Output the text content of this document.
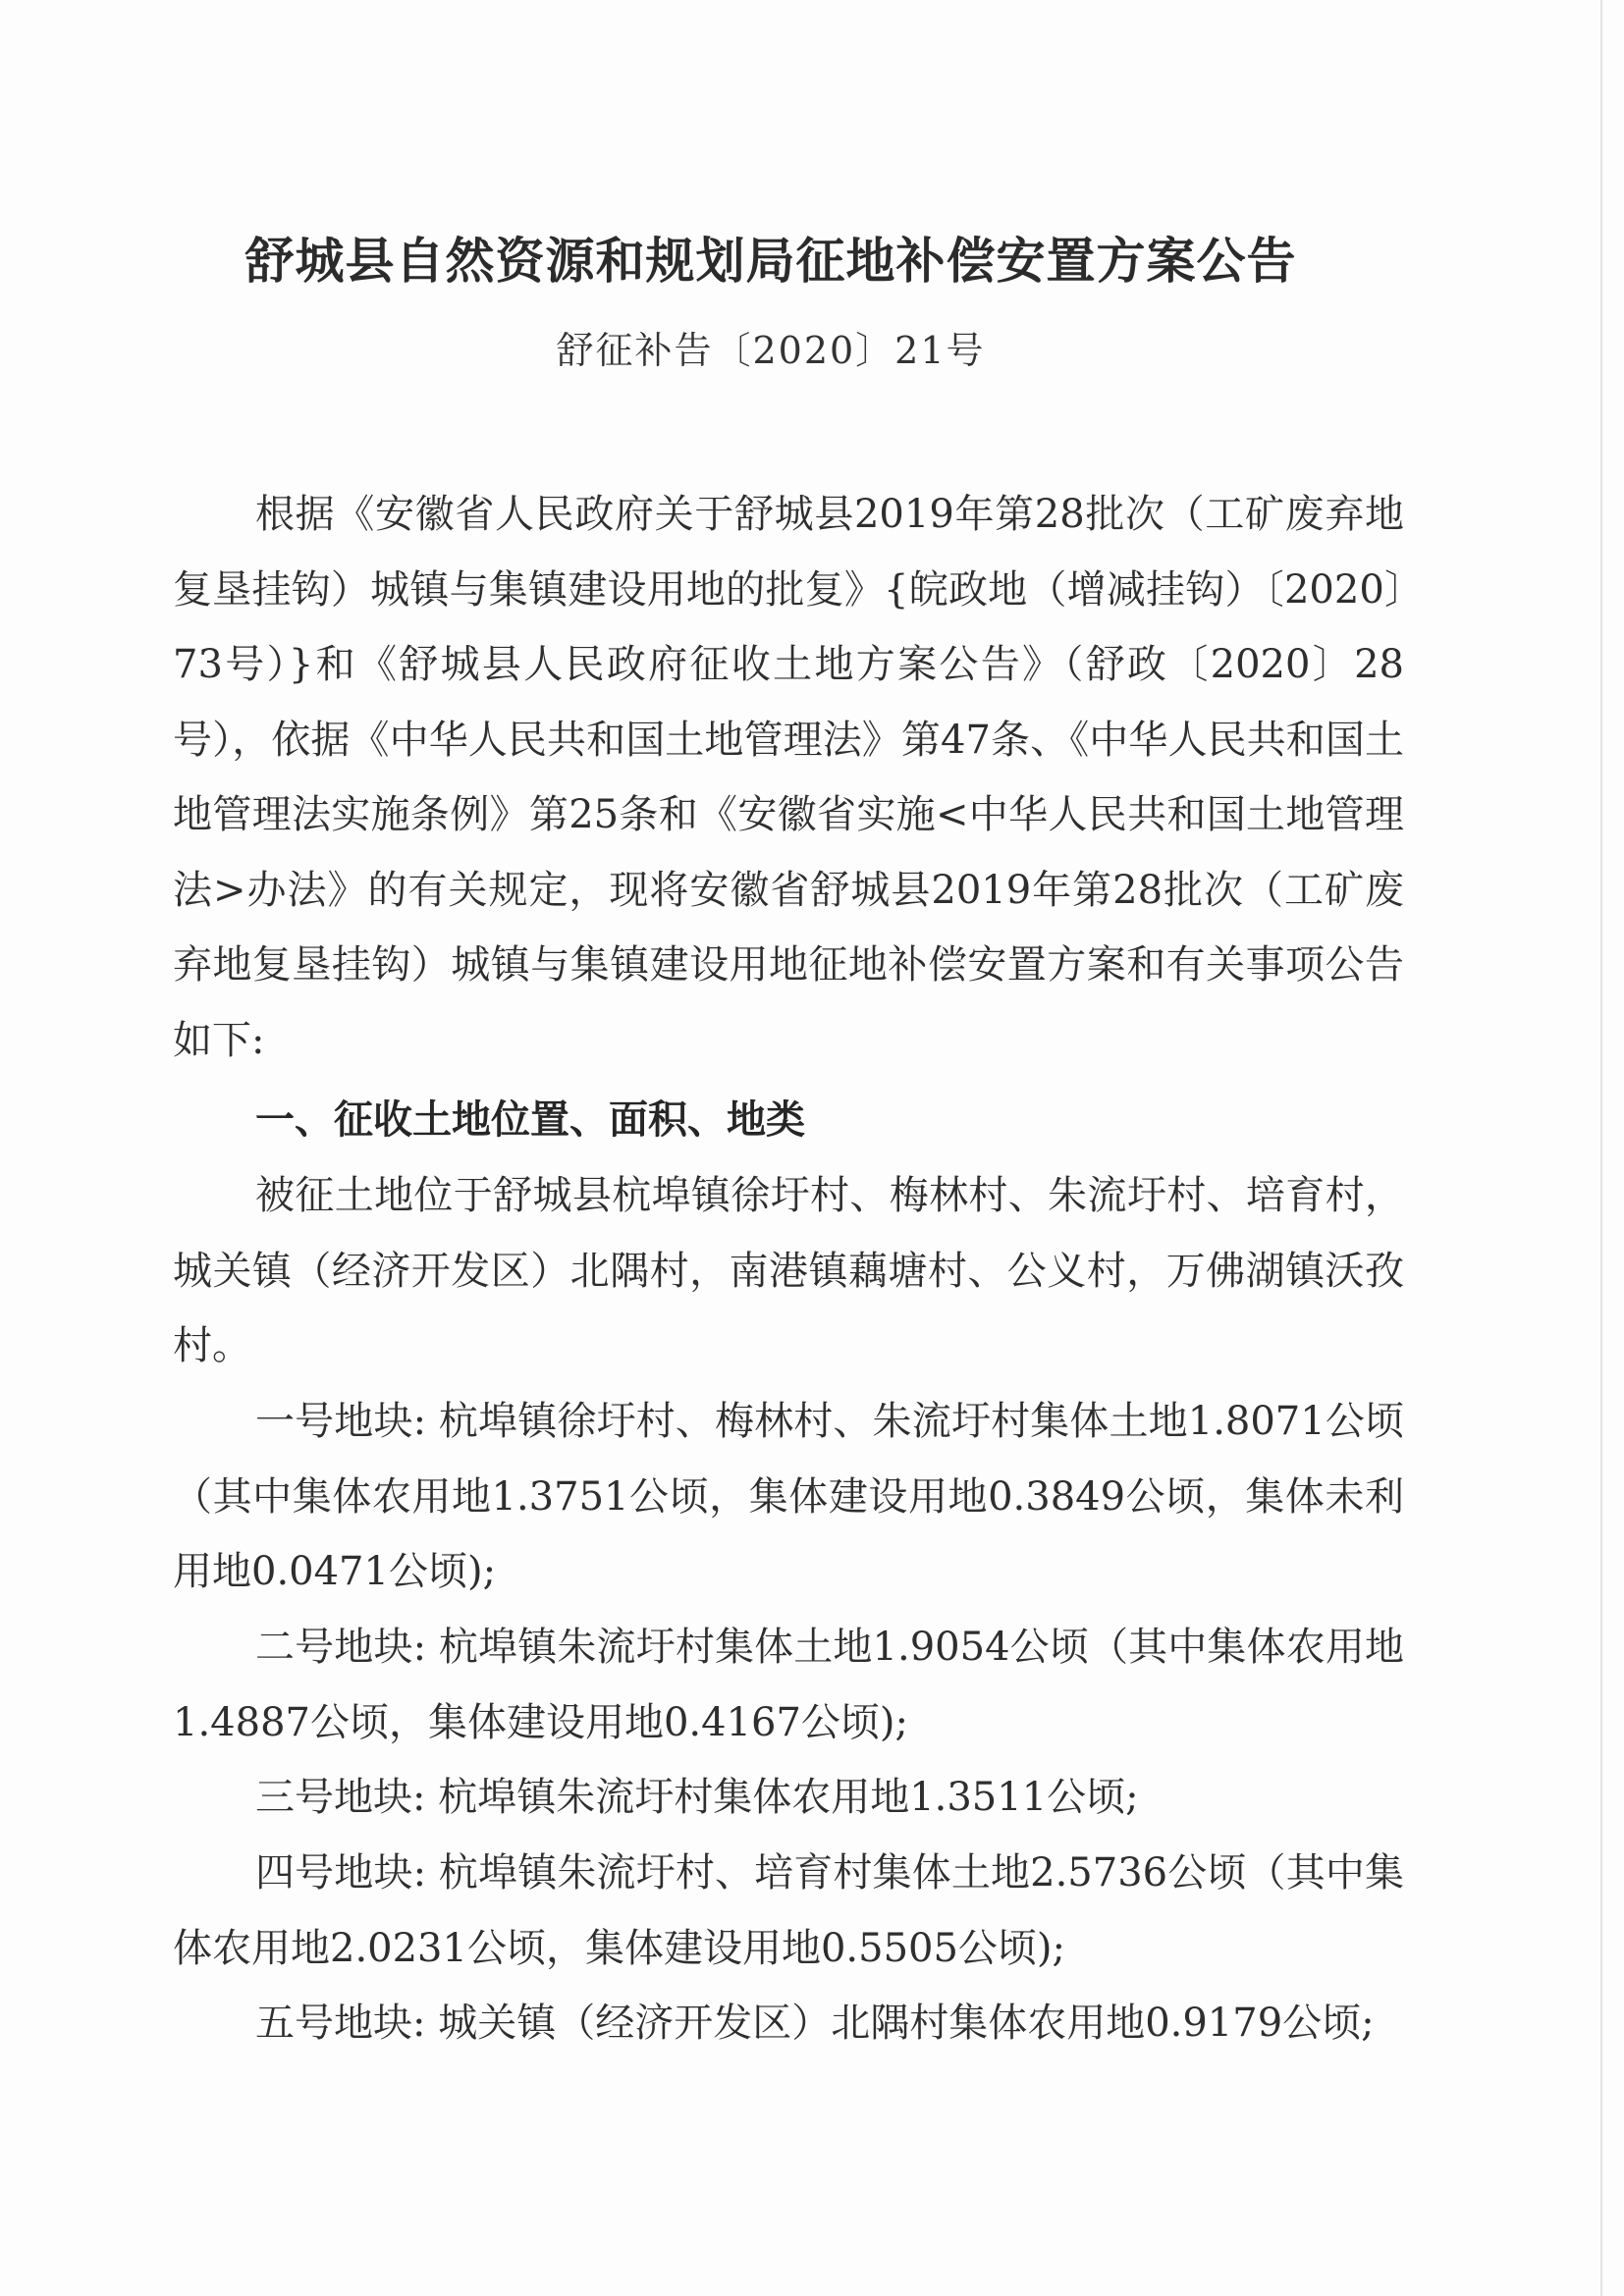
舒城县自然资源和规划局征地补偿安置方案公告
舒征补告〔2020〕21号

根据《安徽省人民政府关于舒城县2019年第28批次（工矿废弃地复垦挂钩）城镇与集镇建设用地的批复》{皖政地（增减挂钩）〔2020〕73号）}和《舒城县人民政府征收土地方案公告》（舒政〔2020〕28号），依据《中华人民共和国土地管理法》第47条、《中华人民共和国土地管理法实施条例》第25条和《安徽省实施<中华人民共和国土地管理法>办法》的有关规定，现将安徽省舒城县2019年第28批次（工矿废弃地复垦挂钩）城镇与集镇建设用地征地补偿安置方案和有关事项公告如下:

一、征收土地位置、面积、地类

被征土地位于舒城县杭埠镇徐圩村、梅林村、朱流圩村、培育村，城关镇（经济开发区）北隅村，南港镇藕塘村、公义村，万佛湖镇沃孜村。

一号地块: 杭埠镇徐圩村、梅林村、朱流圩村集体土地1.8071公顷（其中集体农用地1.3751公顷，集体建设用地0.3849公顷，集体未利用地0.0471公顷);

二号地块: 杭埠镇朱流圩村集体土地1.9054公顷（其中集体农用地1.4887公顷，集体建设用地0.4167公顷);

三号地块: 杭埠镇朱流圩村集体农用地1.3511公顷;

四号地块: 杭埠镇朱流圩村、培育村集体土地2.5736公顷（其中集体农用地2.0231公顷，集体建设用地0.5505公顷);

五号地块: 城关镇（经济开发区）北隅村集体农用地0.9179公顷;
